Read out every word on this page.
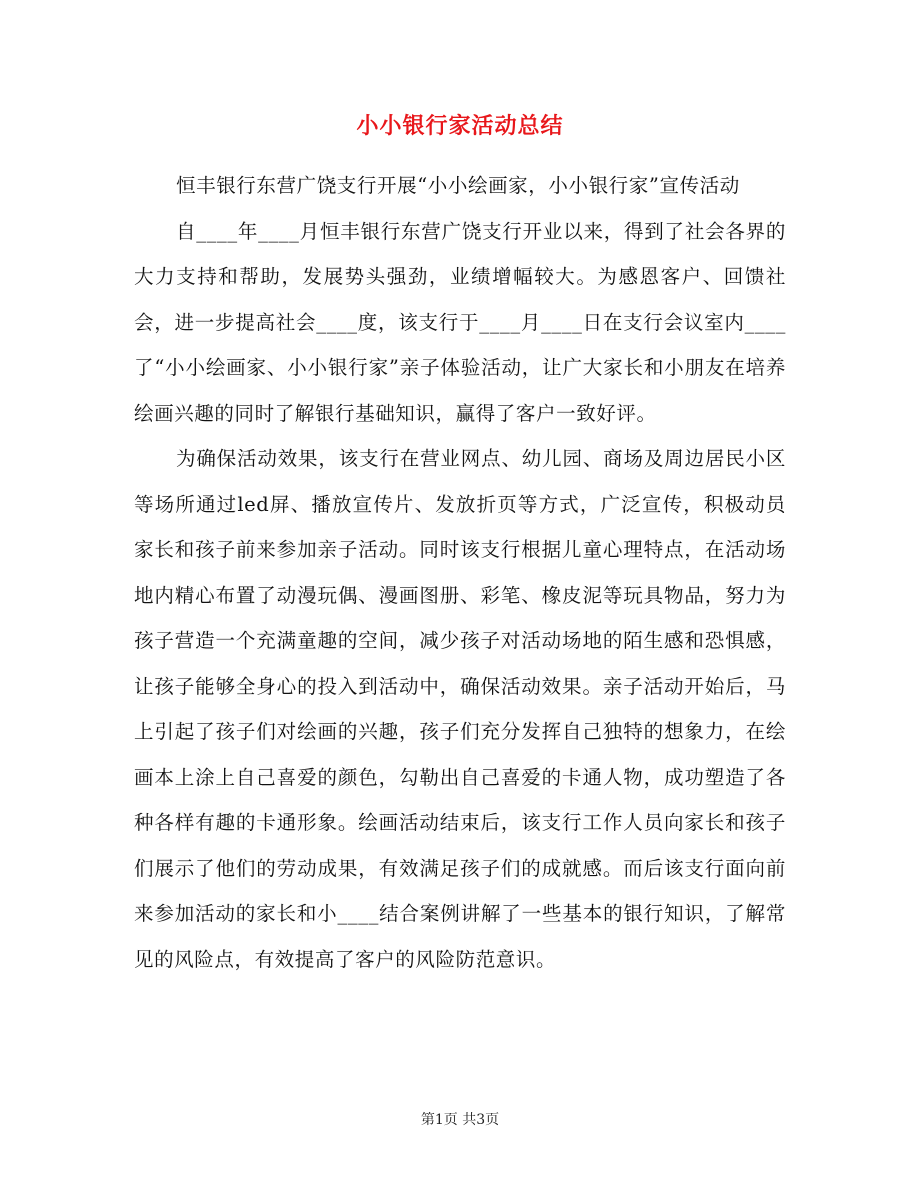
小小银行家活动总结

恒丰银行东营广饶支行开展“小小绘画家，小小银行家”宣传活动

自____年____月恒丰银行东营广饶支行开业以来，得到了社会各界的大力支持和帮助，发展势头强劲，业绩增幅较大。为感恩客户、回馈社会，进一步提高社会____度，该支行于____月____日在支行会议室内____了“小小绘画家、小小银行家”亲子体验活动，让广大家长和小朋友在培养绘画兴趣的同时了解银行基础知识，赢得了客户一致好评。

为确保活动效果，该支行在营业网点、幼儿园、商场及周边居民小区等场所通过led屏、播放宣传片、发放折页等方式，广泛宣传，积极动员家长和孩子前来参加亲子活动。同时该支行根据儿童心理特点，在活动场地内精心布置了动漫玩偶、漫画图册、彩笔、橡皮泥等玩具物品，努力为孩子营造一个充满童趣的空间，减少孩子对活动场地的陌生感和恐惧感，让孩子能够全身心的投入到活动中，确保活动效果。亲子活动开始后，马上引起了孩子们对绘画的兴趣，孩子们充分发挥自己独特的想象力，在绘画本上涂上自己喜爱的颜色，勾勒出自己喜爱的卡通人物，成功塑造了各种各样有趣的卡通形象。绘画活动结束后，该支行工作人员向家长和孩子们展示了他们的劳动成果，有效满足孩子们的成就感。而后该支行面向前来参加活动的家长和小____结合案例讲解了一些基本的银行知识，了解常见的风险点，有效提高了客户的风险防范意识。

第1页 共3页
